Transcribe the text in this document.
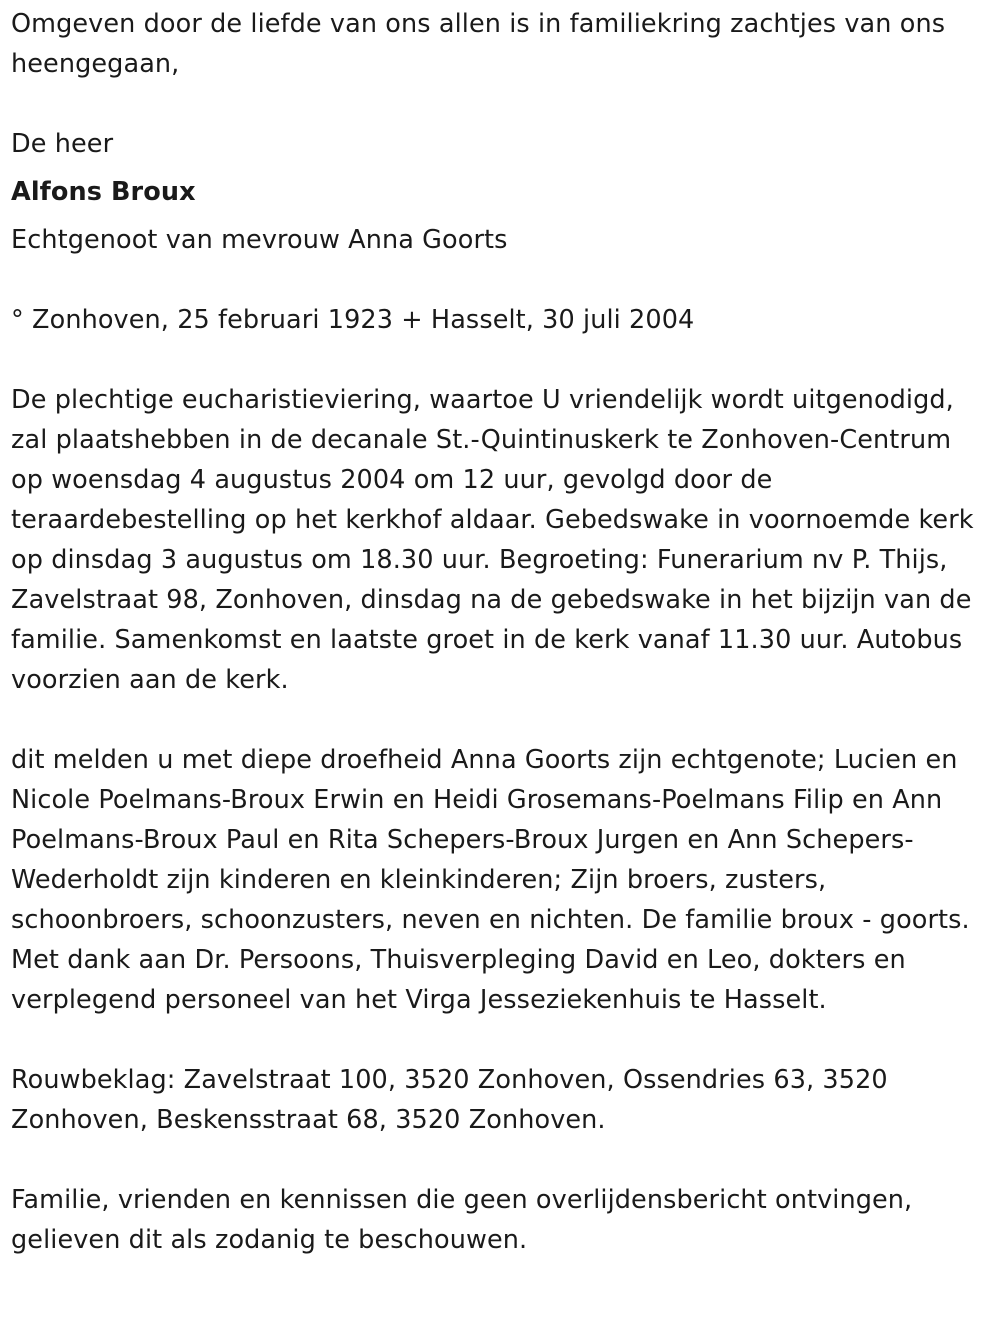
Omgeven door de liefde van ons allen is in familiekring zachtjes van ons heengegaan,

De heer

Alfons Broux

Echtgenoot van mevrouw Anna Goorts

° Zonhoven, 25 februari 1923 + Hasselt, 30 juli 2004

De plechtige eucharistieviering, waartoe U vriendelijk wordt uitgenodigd, zal plaatshebben in de decanale St.-Quintinuskerk te Zonhoven-Centrum op woensdag 4 augustus 2004 om 12 uur, gevolgd door de teraardebestelling op het kerkhof aldaar. Gebedswake in voornoemde kerk op dinsdag 3 augustus om 18.30 uur. Begroeting: Funerarium nv P. Thijs, Zavelstraat 98, Zonhoven, dinsdag na de gebedswake in het bijzijn van de familie. Samenkomst en laatste groet in de kerk vanaf 11.30 uur. Autobus voorzien aan de kerk.

dit melden u met diepe droefheid Anna Goorts zijn echtgenote; Lucien en Nicole Poelmans-Broux Erwin en Heidi Grosemans-Poelmans Filip en Ann Poelmans-Broux Paul en Rita Schepers-Broux Jurgen en Ann Schepers-Wederholdt zijn kinderen en kleinkinderen; Zijn broers, zusters, schoonbroers, schoonzusters, neven en nichten. De familie broux - goorts. Met dank aan Dr. Persoons, Thuisverpleging David en Leo, dokters en verplegend personeel van het Virga Jesseziekenhuis te Hasselt.

Rouwbeklag: Zavelstraat 100, 3520 Zonhoven, Ossendries 63, 3520 Zonhoven, Beskensstraat 68, 3520 Zonhoven.

Familie, vrienden en kennissen die geen overlijdensbericht ontvingen, gelieven dit als zodanig te beschouwen.
